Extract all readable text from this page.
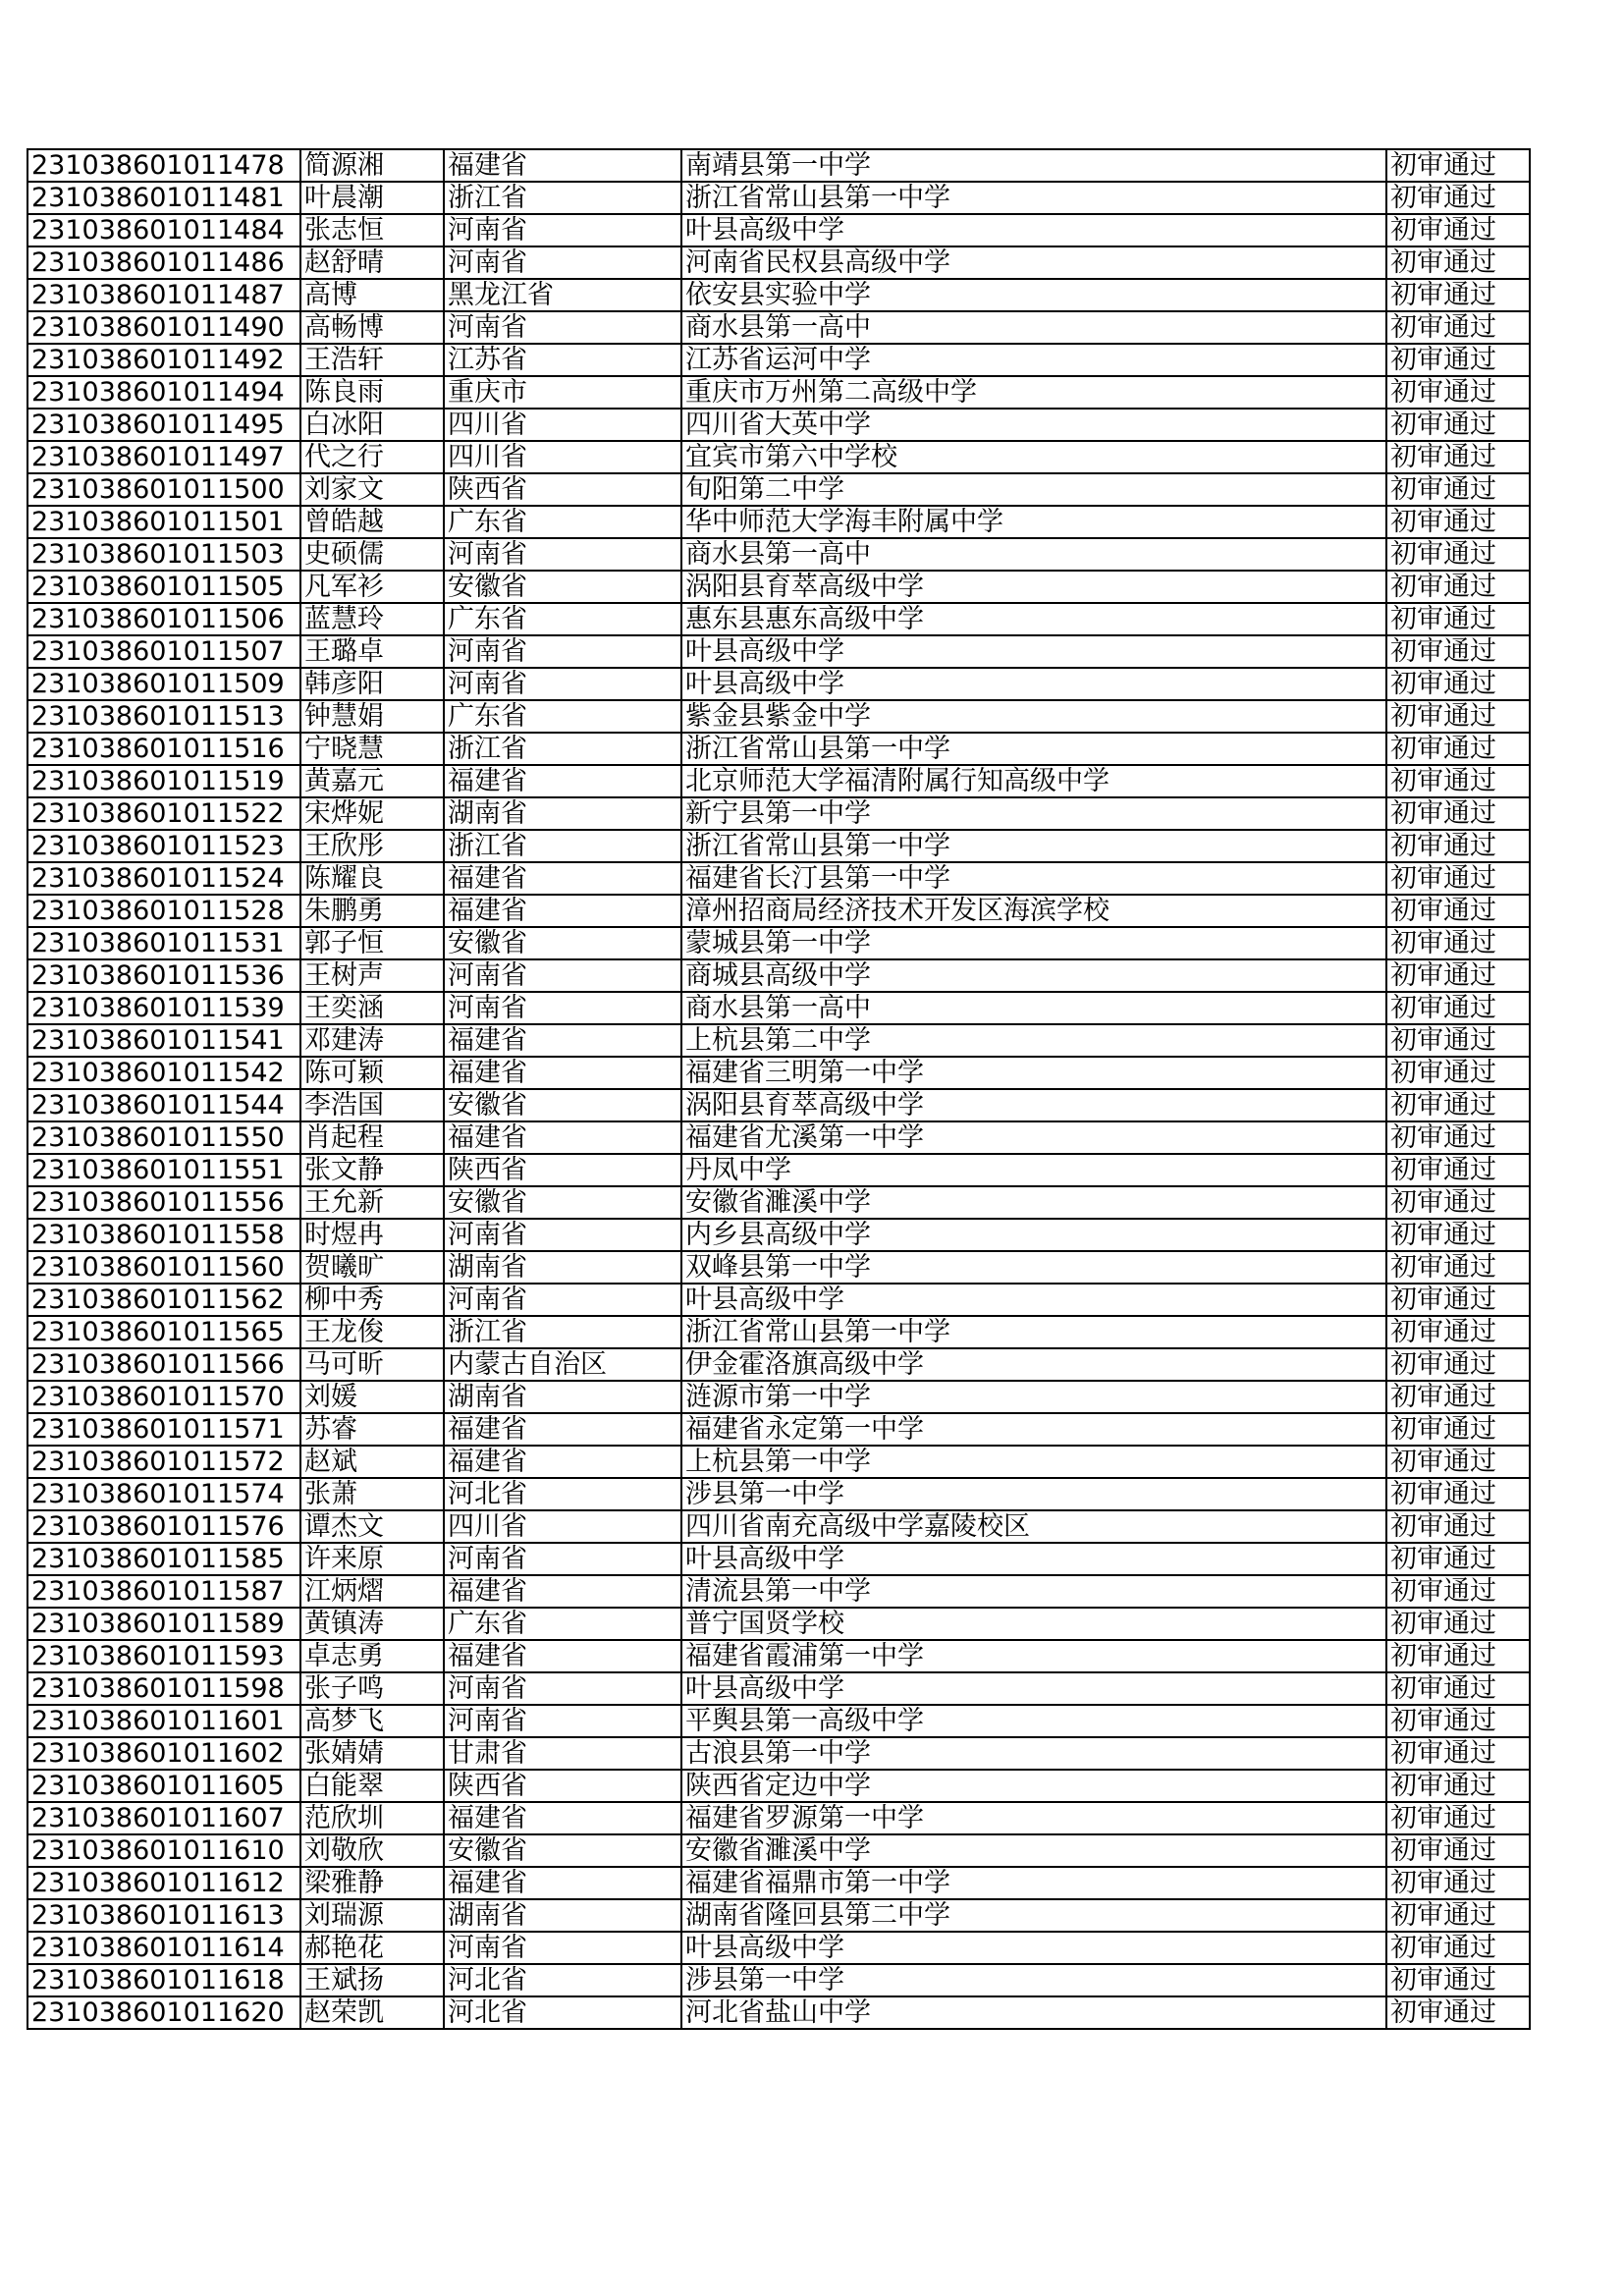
231038601011478	简源湘	福建省	南靖县第一中学	初审通过
231038601011481	叶晨潮	浙江省	浙江省常山县第一中学	初审通过
231038601011484	张志恒	河南省	叶县高级中学	初审通过
231038601011486	赵舒晴	河南省	河南省民权县高级中学	初审通过
231038601011487	高博	黑龙江省	依安县实验中学	初审通过
231038601011490	高畅博	河南省	商水县第一高中	初审通过
231038601011492	王浩轩	江苏省	江苏省运河中学	初审通过
231038601011494	陈良雨	重庆市	重庆市万州第二高级中学	初审通过
231038601011495	白冰阳	四川省	四川省大英中学	初审通过
231038601011497	代之行	四川省	宜宾市第六中学校	初审通过
231038601011500	刘家文	陕西省	旬阳第二中学	初审通过
231038601011501	曾皓越	广东省	华中师范大学海丰附属中学	初审通过
231038601011503	史硕儒	河南省	商水县第一高中	初审通过
231038601011505	凡军衫	安徽省	涡阳县育萃高级中学	初审通过
231038601011506	蓝慧玲	广东省	惠东县惠东高级中学	初审通过
231038601011507	王璐卓	河南省	叶县高级中学	初审通过
231038601011509	韩彦阳	河南省	叶县高级中学	初审通过
231038601011513	钟慧娟	广东省	紫金县紫金中学	初审通过
231038601011516	宁晓慧	浙江省	浙江省常山县第一中学	初审通过
231038601011519	黄嘉元	福建省	北京师范大学福清附属行知高级中学	初审通过
231038601011522	宋烨妮	湖南省	新宁县第一中学	初审通过
231038601011523	王欣彤	浙江省	浙江省常山县第一中学	初审通过
231038601011524	陈耀良	福建省	福建省长汀县第一中学	初审通过
231038601011528	朱鹏勇	福建省	漳州招商局经济技术开发区海滨学校	初审通过
231038601011531	郭子恒	安徽省	蒙城县第一中学	初审通过
231038601011536	王树声	河南省	商城县高级中学	初审通过
231038601011539	王奕涵	河南省	商水县第一高中	初审通过
231038601011541	邓建涛	福建省	上杭县第二中学	初审通过
231038601011542	陈可颖	福建省	福建省三明第一中学	初审通过
231038601011544	李浩国	安徽省	涡阳县育萃高级中学	初审通过
231038601011550	肖起程	福建省	福建省尤溪第一中学	初审通过
231038601011551	张文静	陕西省	丹凤中学	初审通过
231038601011556	王允新	安徽省	安徽省濉溪中学	初审通过
231038601011558	时煜冉	河南省	内乡县高级中学	初审通过
231038601011560	贺曦旷	湖南省	双峰县第一中学	初审通过
231038601011562	柳中秀	河南省	叶县高级中学	初审通过
231038601011565	王龙俊	浙江省	浙江省常山县第一中学	初审通过
231038601011566	马可昕	内蒙古自治区	伊金霍洛旗高级中学	初审通过
231038601011570	刘媛	湖南省	涟源市第一中学	初审通过
231038601011571	苏睿	福建省	福建省永定第一中学	初审通过
231038601011572	赵斌	福建省	上杭县第一中学	初审通过
231038601011574	张萧	河北省	涉县第一中学	初审通过
231038601011576	谭杰文	四川省	四川省南充高级中学嘉陵校区	初审通过
231038601011585	许来原	河南省	叶县高级中学	初审通过
231038601011587	江炳熠	福建省	清流县第一中学	初审通过
231038601011589	黄镇涛	广东省	普宁国贤学校	初审通过
231038601011593	卓志勇	福建省	福建省霞浦第一中学	初审通过
231038601011598	张子鸣	河南省	叶县高级中学	初审通过
231038601011601	高梦飞	河南省	平舆县第一高级中学	初审通过
231038601011602	张婧婧	甘肃省	古浪县第一中学	初审通过
231038601011605	白能翠	陕西省	陕西省定边中学	初审通过
231038601011607	范欣圳	福建省	福建省罗源第一中学	初审通过
231038601011610	刘敬欣	安徽省	安徽省濉溪中学	初审通过
231038601011612	梁雅静	福建省	福建省福鼎市第一中学	初审通过
231038601011613	刘瑞源	湖南省	湖南省隆回县第二中学	初审通过
231038601011614	郝艳花	河南省	叶县高级中学	初审通过
231038601011618	王斌扬	河北省	涉县第一中学	初审通过
231038601011620	赵荣凯	河北省	河北省盐山中学	初审通过
